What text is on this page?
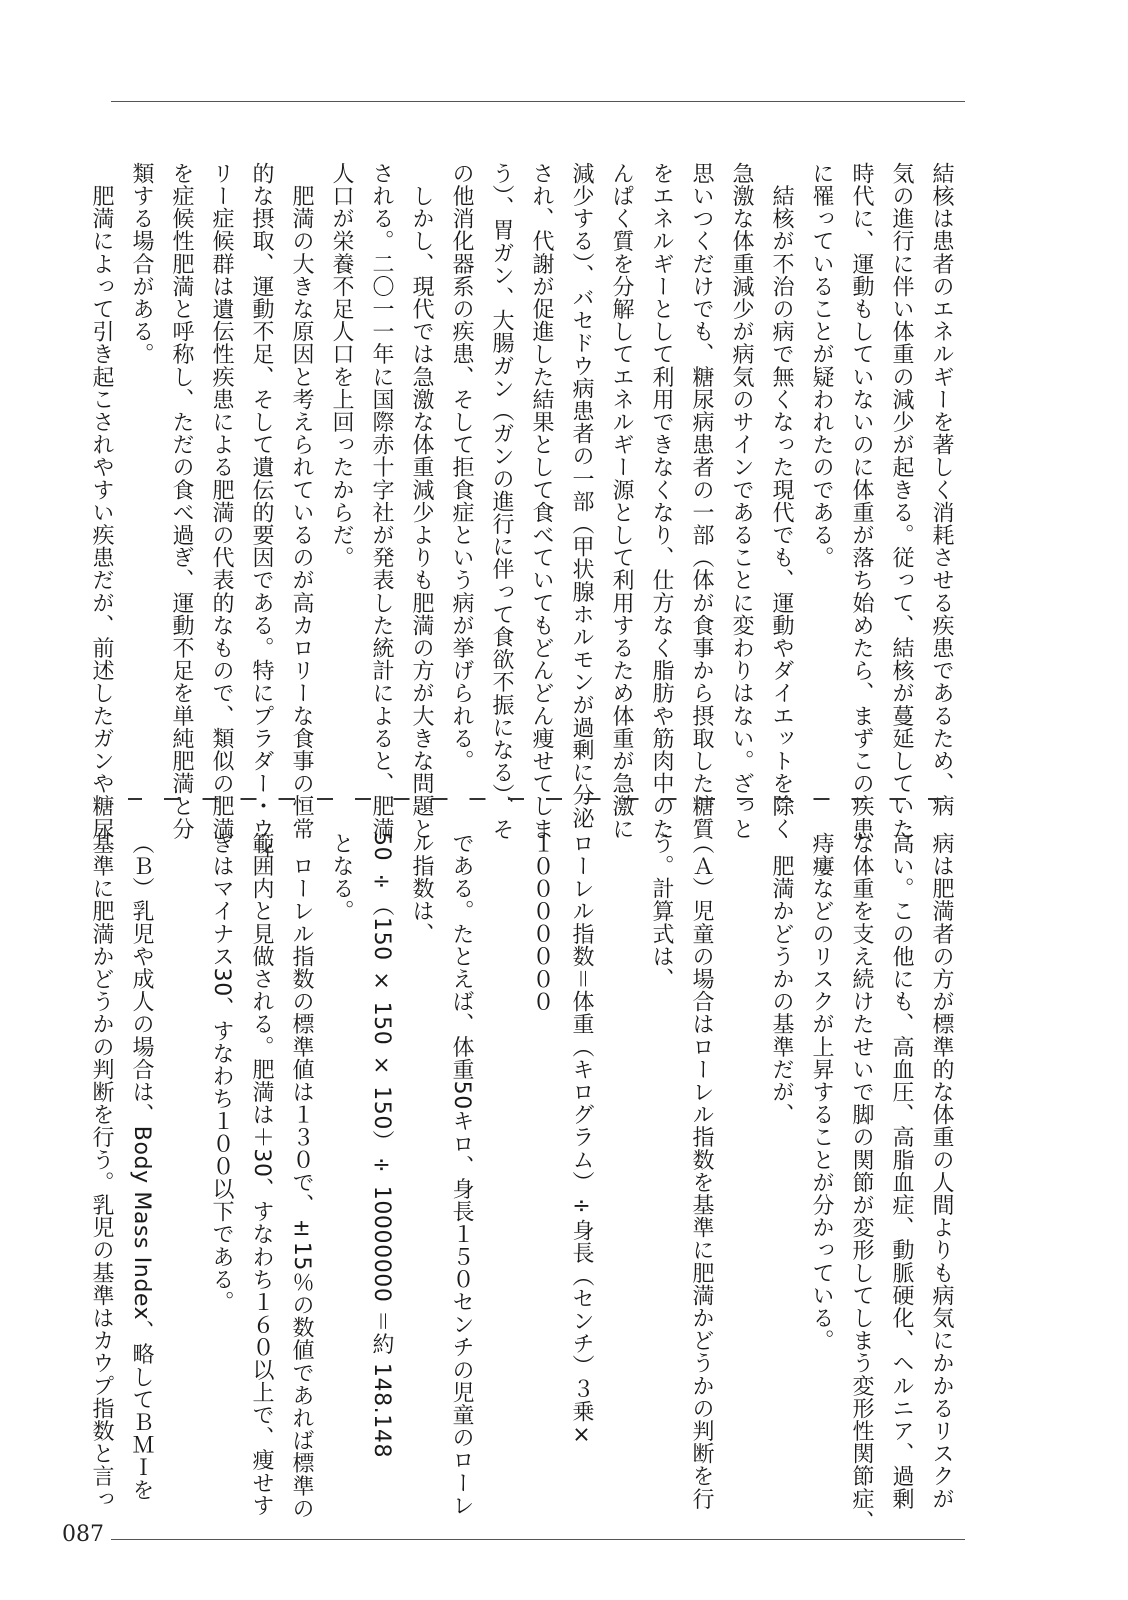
結核は患者のエネルギーを著しく消耗させる疾患であるため、病
気の進行に伴い体重の減少が起きる。従って、結核が蔓延していた
時代に、運動もしていないのに体重が落ち始めたら、まずこの疾患
に罹っていることが疑われたのである。
　結核が不治の病で無くなった現代でも、運動やダイエットを除く
急激な体重減少が病気のサインであることに変わりはない。ざっと
思いつくだけでも、糖尿病患者の一部（体が食事から摂取した糖質
をエネルギーとして利用できなくなり、仕方なく脂肪や筋肉中のた
んぱく質を分解してエネルギー源として利用するため体重が急激に
減少する）、バセドウ病患者の一部（甲状腺ホルモンが過剰に分泌
され、代謝が促進した結果として食べていてもどんどん痩せてしま
う）、胃ガン、大腸ガン（ガンの進行に伴って食欲不振になる）、そ
の他消化器系の疾患、そして拒食症という病が挙げられる。
　しかし、現代では急激な体重減少よりも肥満の方が大きな問題と
される。二〇一一年に国際赤十字社が発表した統計によると、肥満
人口が栄養不足人口を上回ったからだ。
　肥満の大きな原因と考えられているのが高カロリーな食事の恒常
的な摂取、運動不足、そして遺伝的要因である。特にプラダー・ウィ
リー症候群は遺伝性疾患による肥満の代表的なもので、類似の肥満
を症候性肥満と呼称し、ただの食べ過ぎ、運動不足を単純肥満と分
類する場合がある。
　肥満によって引き起こされやすい疾患だが、前述したガンや糖尿
病は肥満者の方が標準的な体重の人間よりも病気にかかるリスクが
高い。この他にも、高血圧、高脂血症、動脈硬化、ヘルニア、過剰
な体重を支え続けたせいで脚の関節が変形してしまう変形性関節症、
痔瘻などのリスクが上昇することが分かっている。
　肥満かどうかの基準だが、

（Ａ）児童の場合はローレル指数を基準に肥満かどうかの判断を行
う。計算式は、

ローレル指数＝体重（キログラム）÷身長（センチ）３乗×
１０００００００

である。たとえば、体重50キロ、身長１５０センチの児童のローレ
ル指数は、
50 ÷（150 × 150 × 150）÷ 10000000 ＝約 148.148
となる。
　ローレル指数の標準値は１３０で、±15％の数値であれば標準の
範囲内と見做される。肥満は＋30、すなわち１６０以上で、痩せす
ぎはマイナス30、すなわち１００以下である。

（Ｂ）乳児や成人の場合は、Body Mass Index、略してＢＭＩを
基準に肥満かどうかの判断を行う。乳児の基準はカウプ指数と言っ
087
